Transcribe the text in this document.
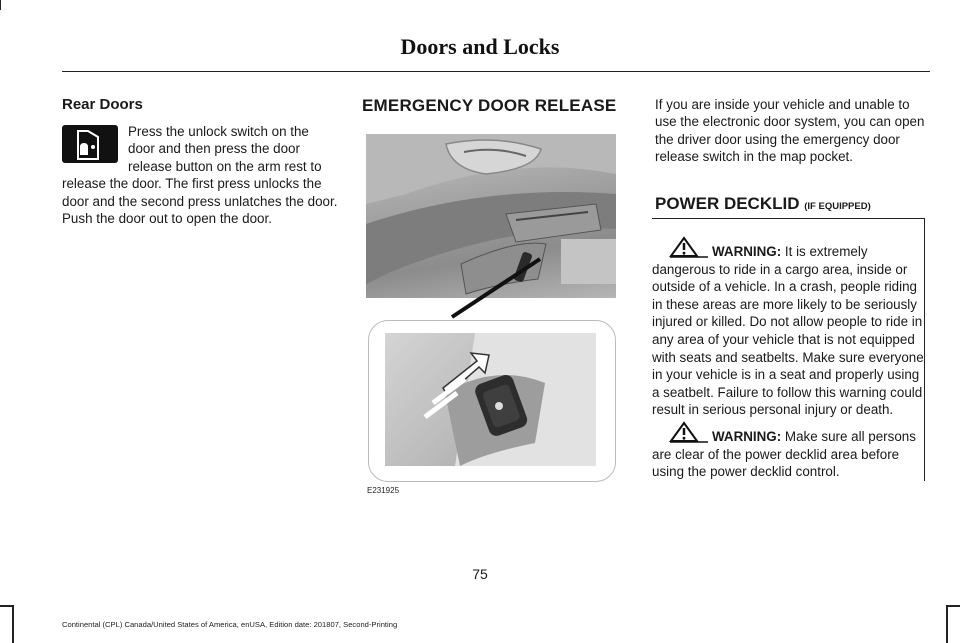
Doors and Locks
Rear Doors

Press the unlock switch on the door and then press the door release button on the arm rest to release the door. The first press unlocks the door and the second press unlatches the door. Push the door out to open the door.

EMERGENCY DOOR RELEASE
E231925

If you are inside your vehicle and unable to use the electronic door system, you can open the driver door using the emergency door release switch in the map pocket.

POWER DECKLID (IF EQUIPPED)

WARNING: It is extremely dangerous to ride in a cargo area, inside or outside of a vehicle. In a crash, people riding in these areas are more likely to be seriously injured or killed. Do not allow people to ride in any area of your vehicle that is not equipped with seats and seatbelts. Make sure everyone in your vehicle is in a seat and properly using a seatbelt. Failure to follow this warning could result in serious personal injury or death.

WARNING: Make sure all persons are clear of the power decklid area before using the power decklid control.

75
Continental (CPL) Canada/United States of America, enUSA, Edition date: 201807, Second-Printing
